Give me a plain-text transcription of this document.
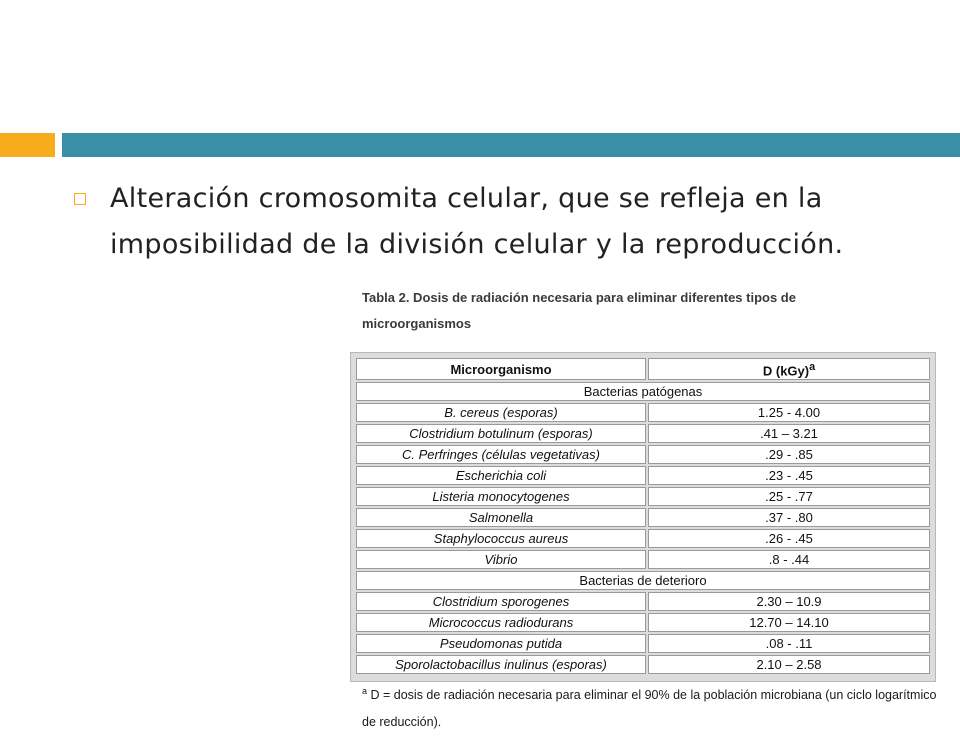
Alteración cromosomita celular, que se refleja en la imposibilidad de la división celular y la reproducción.

Tabla 2. Dosis de radiación necesaria para eliminar diferentes tipos de microorganismos

Microorganismo	D (kGy)$^a$
Bacterias patógenas	
B. cereus (esporas)	1.25 - 4.00
Clostridium botulinum (esporas)	.41 – 3.21
C. Perfringes (células vegetativas)	.29 - .85
Escherichia coli	.23 - .45
Listeria monocytogenes	.25 - .77
Salmonella	.37 - .80
Staphylococcus aureus	.26 - .45
Vibrio	.8 - .44
Bacterias de deterioro	
Clostridium sporogenes	2.30 – 10.9
Micrococcus radiodurans	12.70 – 14.10
Pseudomonas putida	.08 - .11
Sporolactobacillus inulinus (esporas)	2.10 – 2.58

$^a$ D = dosis de radiación necesaria para eliminar el 90% de la población microbiana (un ciclo logarítmico de reducción).
